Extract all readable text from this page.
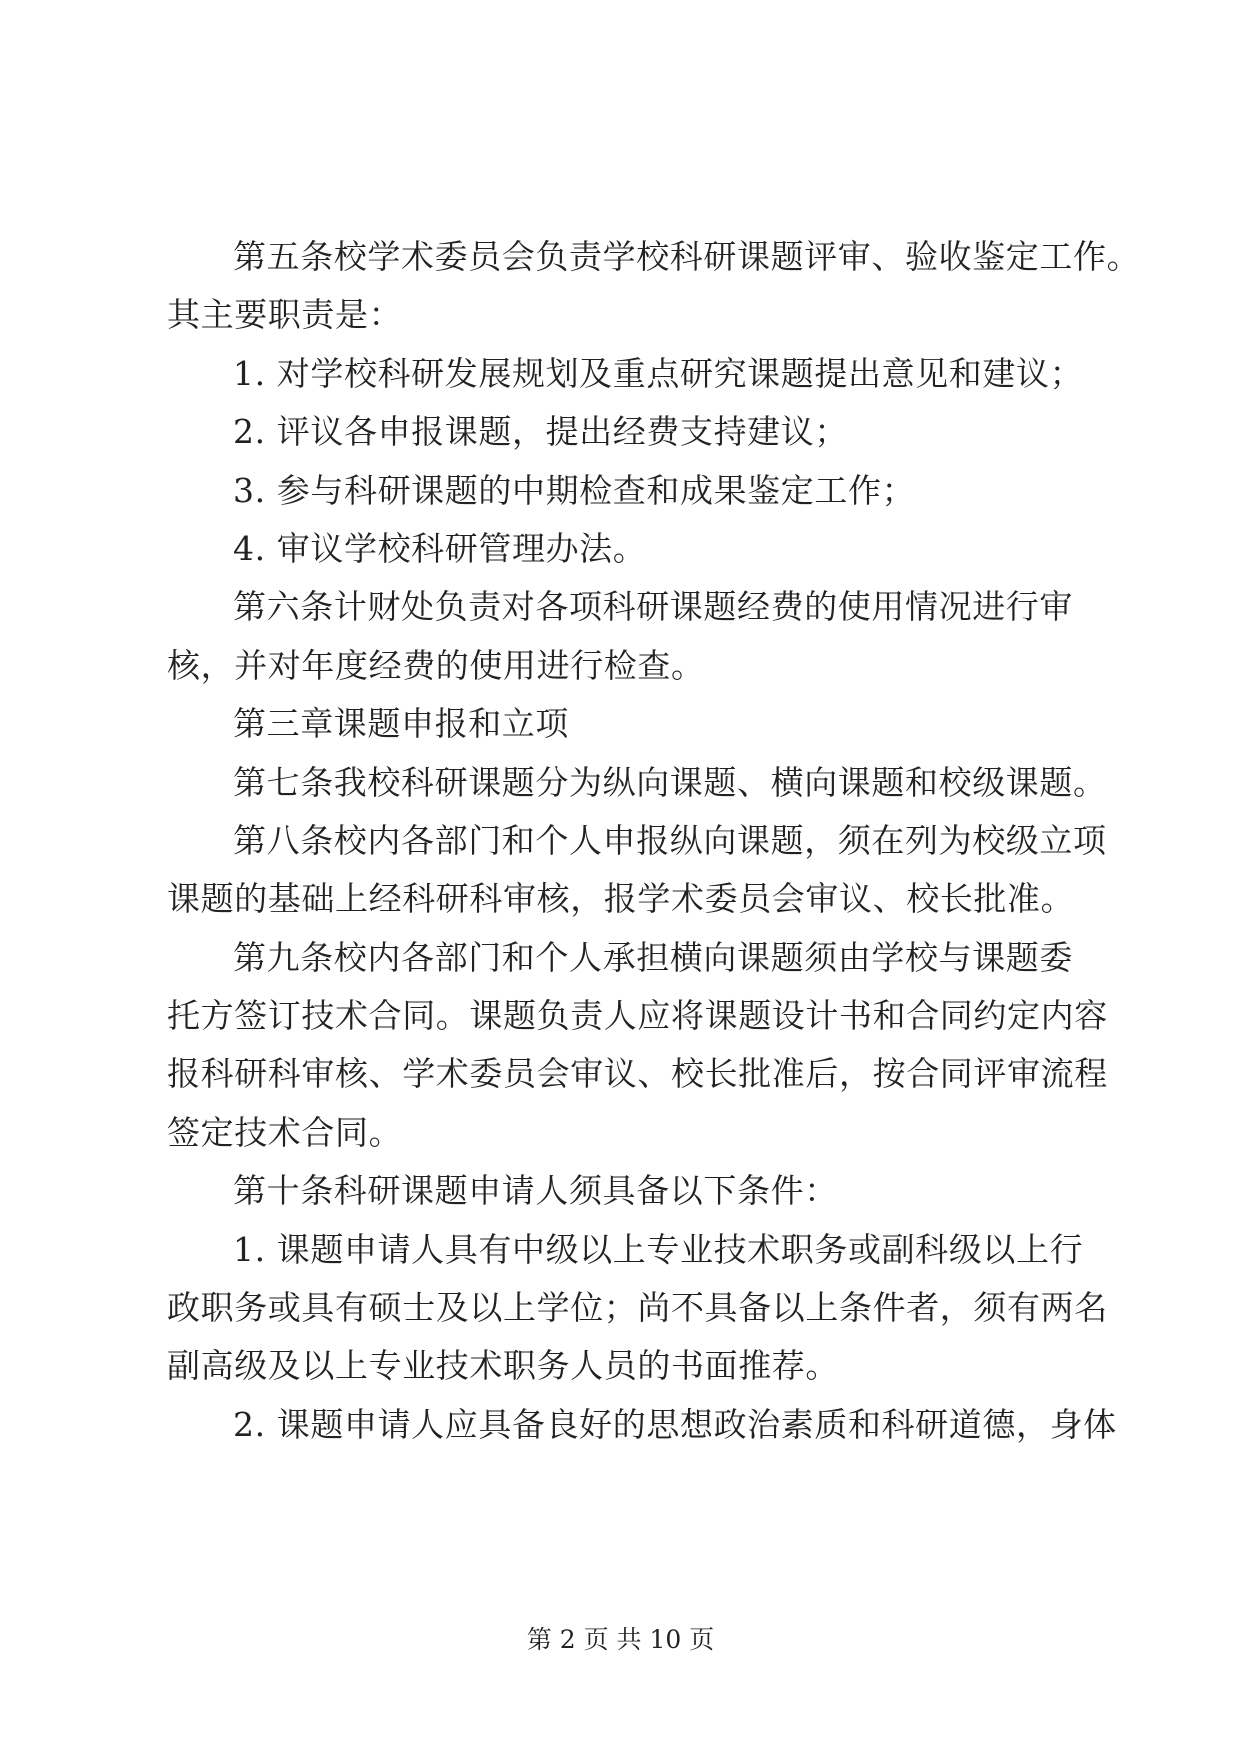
第五条校学术委员会负责学校科研课题评审、验收鉴定工作。
其主要职责是：
1. 对学校科研发展规划及重点研究课题提出意见和建议；
2. 评议各申报课题，提出经费支持建议；
3. 参与科研课题的中期检查和成果鉴定工作；
4. 审议学校科研管理办法。
第六条计财处负责对各项科研课题经费的使用情况进行审
核，并对年度经费的使用进行检查。
第三章课题申报和立项
第七条我校科研课题分为纵向课题、横向课题和校级课题。
第八条校内各部门和个人申报纵向课题，须在列为校级立项
课题的基础上经科研科审核，报学术委员会审议、校长批准。
第九条校内各部门和个人承担横向课题须由学校与课题委
托方签订技术合同。课题负责人应将课题设计书和合同约定内容
报科研科审核、学术委员会审议、校长批准后，按合同评审流程
签定技术合同。
第十条科研课题申请人须具备以下条件：
1. 课题申请人具有中级以上专业技术职务或副科级以上行
政职务或具有硕士及以上学位；尚不具备以上条件者，须有两名
副高级及以上专业技术职务人员的书面推荐。
2. 课题申请人应具备良好的思想政治素质和科研道德，身体
第 2 页 共 10 页
